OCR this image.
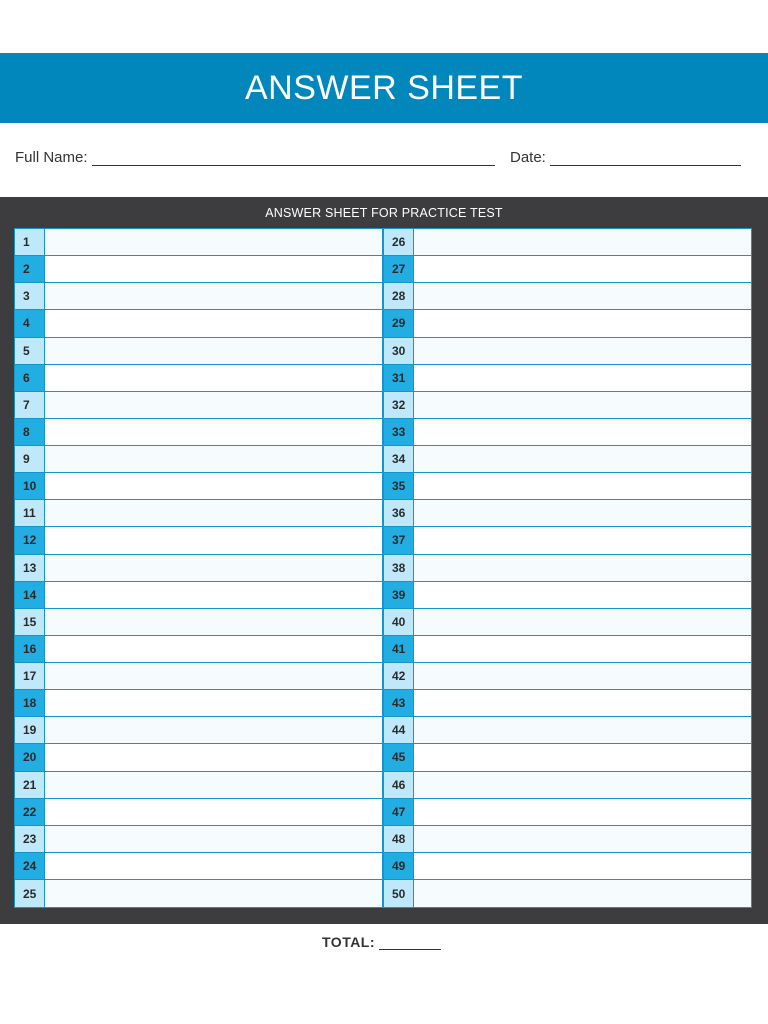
ANSWER SHEET
Full Name:	Date:
ANSWER SHEET FOR PRACTICE TEST
1
2
3
4
5
6
7
8
9
10
11
12
13
14
15
16
17
18
19
20
21
22
23
24
25
26
27
28
29
30
31
32
33
34
35
36
37
38
39
40
41
42
43
44
45
46
47
48
49
50
TOTAL:
